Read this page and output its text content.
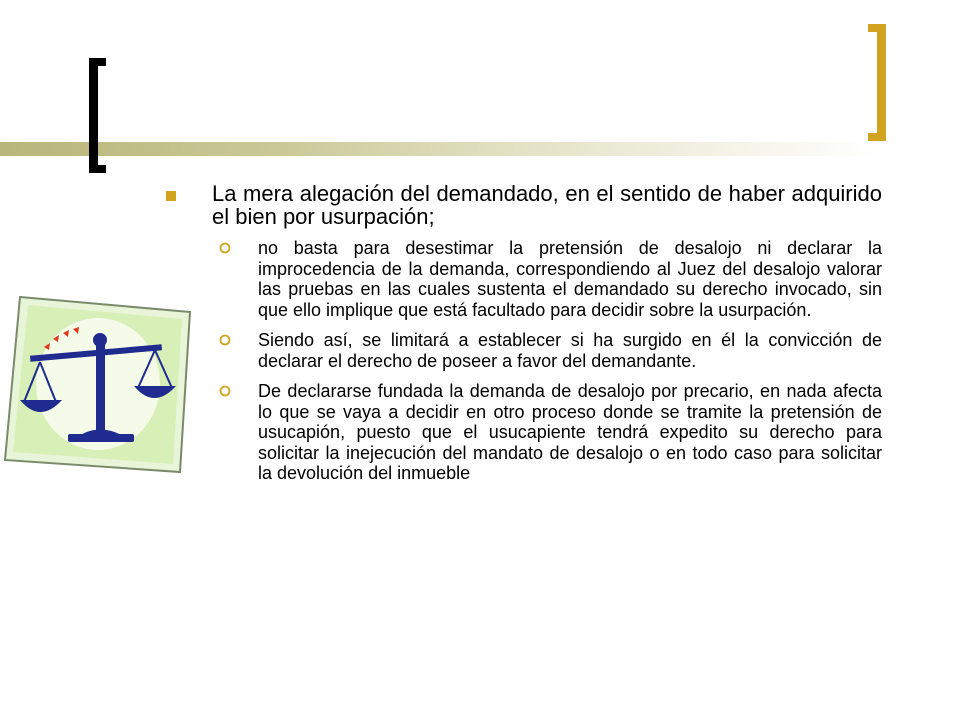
La mera alegación del demandado, en el sentido de haber adquirido el bien por usurpación;
no basta para desestimar la pretensión de desalojo ni declarar la improcedencia de la demanda, correspondiendo al Juez del desalojo valorar las pruebas en las cuales sustenta el demandado su derecho invocado, sin que ello implique que está facultado para decidir sobre la usurpación.
Siendo así, se limitará a establecer si ha surgido en él la convicción de declarar el derecho de poseer a favor del demandante.
De declararse fundada la demanda de desalojo por precario, en nada afecta lo que se vaya a decidir en otro proceso donde se tramite la pretensión de usucapión, puesto que el usucapiente tendrá expedito su derecho para solicitar la inejecución del mandato de desalojo o en todo caso para solicitar la devolución del inmueble
